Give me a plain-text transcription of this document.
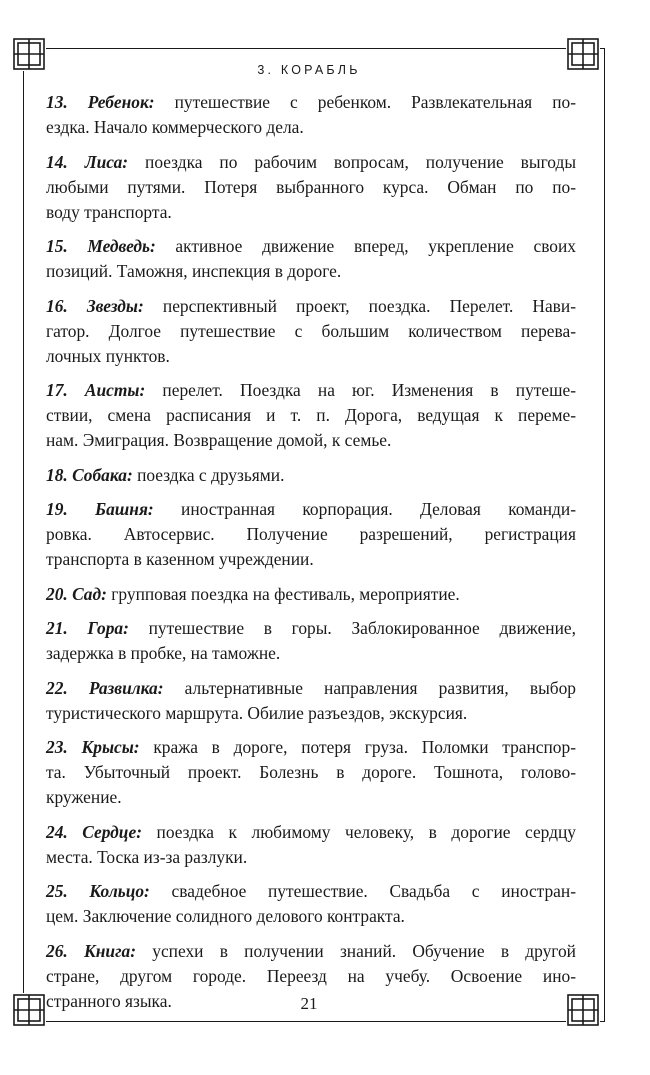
3. КОРАБЛЬ
13. Ребенок: путешествие с ребенком. Развлекательная по-
ездка. Начало коммерческого дела.
14. Лиса: поездка по рабочим вопросам, получение выгоды
любыми путями. Потеря выбранного курса. Обман по по-
воду транспорта.
15. Медведь: активное движение вперед, укрепление своих
позиций. Таможня, инспекция в дороге.
16. Звезды: перспективный проект, поездка. Перелет. Нави-
гатор. Долгое путешествие с большим количеством перева-
лочных пунктов.
17. Аисты: перелет. Поездка на юг. Изменения в путеше-
ствии, смена расписания и т. п. Дорога, ведущая к переме-
нам. Эмиграция. Возвращение домой, к семье.
18. Собака: поездка с друзьями.
19. Башня: иностранная корпорация. Деловая команди-
ровка. Автосервис. Получение разрешений, регистрация
транспорта в казенном учреждении.
20. Сад: групповая поездка на фестиваль, мероприятие.
21. Гора: путешествие в горы. Заблокированное движение,
задержка в пробке, на таможне.
22. Развилка: альтернативные направления развития, выбор
туристического маршрута. Обилие разъездов, экскурсия.
23. Крысы: кража в дороге, потеря груза. Поломки транспор-
та. Убыточный проект. Болезнь в дороге. Тошнота, голово-
кружение.
24. Сердце: поездка к любимому человеку, в дорогие сердцу
места. Тоска из-за разлуки.
25. Кольцо: свадебное путешествие. Свадьба с иностран-
цем. Заключение солидного делового контракта.
26. Книга: успехи в получении знаний. Обучение в другой
стране, другом городе. Переезд на учебу. Освоение ино-
странного языка.	21
